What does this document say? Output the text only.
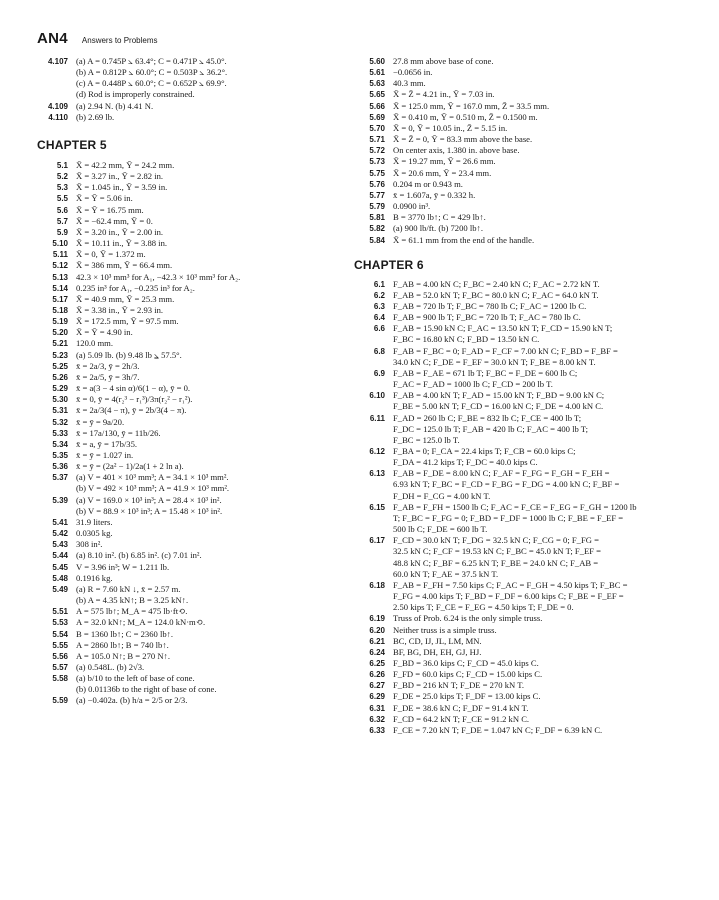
AN4 Answers to Problems
4.107 (a) A = 0.745P ⦣ 63.4°; C = 0.471P ⦣ 45.0°.
(b) A = 0.812P ⦣ 60.0°; C = 0.503P ⦣ 36.2°.
(c) A = 0.448P ⦣ 60.0°; C = 0.652P ⦣ 69.9°.
(d) Rod is improperly constrained.
4.109 (a) 2.94 N. (b) 4.41 N.
4.110 (b) 2.69 lb.
CHAPTER 5
5.1 X̄ = 42.2 mm, Ȳ = 24.2 mm.
5.2 X̄ = 3.27 in., Ȳ = 2.82 in.
5.3 X̄ = 1.045 in., Ȳ = 3.59 in.
5.5 X̄ = Ȳ = 5.06 in.
5.6 X̄ = Ȳ = 16.75 mm.
5.7 X̄ = −62.4 mm, Ȳ = 0.
5.9 X̄ = 3.20 in., Ȳ = 2.00 in.
5.10 X̄ = 10.11 in., Ȳ = 3.88 in.
5.11 X̄ = 0, Ȳ = 1.372 m.
5.12 X̄ = 386 mm, Ȳ = 66.4 mm.
5.13 42.3 × 10³ mm³ for A₁, −42.3 × 10³ mm³ for A₂.
5.14 0.235 in³ for A₁, −0.235 in³ for A₂.
5.17 X̄ = 40.9 mm, Ȳ = 25.3 mm.
5.18 X̄ = 3.38 in., Ȳ = 2.93 in.
5.19 X̄ = 172.5 mm, Ȳ = 97.5 mm.
5.20 X̄ = Ȳ = 4.90 in.
5.21 120.0 mm.
5.23 (a) 5.09 lb. (b) 9.48 lb ⦥ 57.5°.
5.25 x̄ = 2a/3, ȳ = 2h/3.
5.26 x̄ = 2a/5, ȳ = 3h/7.
5.29 x̄ = a(3 − 4 sin α)/6(1 − α), ȳ = 0.
5.30 x̄ = 0, ȳ = 4(r₂³ − r₁³)/3π(r₂² − r₁²).
5.31 x̄ = 2a/3(4 − π), ȳ = 2b/3(4 − π).
5.32 x̄ = ȳ = 9a/20.
5.33 x̄ = 17a/130, ȳ = 11b/26.
5.34 x̄ = a, ȳ = 17b/35.
5.35 x̄ = ȳ = 1.027 in.
5.36 x̄ = ȳ = (2a² − 1)/2a(1 + 2 ln a).
5.37 (a) V = 401 × 10³ mm³; A = 34.1 × 10³ mm².
(b) V = 492 × 10³ mm³; A = 41.9 × 10³ mm².
5.39 (a) V = 169.0 × 10³ in³; A = 28.4 × 10³ in².
(b) V = 88.9 × 10³ in³; A = 15.48 × 10³ in².
5.41 31.9 liters.
5.42 0.0305 kg.
5.43 308 in².
5.44 (a) 8.10 in². (b) 6.85 in². (c) 7.01 in².
5.45 V = 3.96 in³; W = 1.211 lb.
5.48 0.1916 kg.
5.49 (a) R = 7.60 kN ↓, x̄ = 2.57 m.
(b) A = 4.35 kN↑; B = 3.25 kN↑.
5.51 A = 575 lb↑; M_A = 475 lb·ft⟲.
5.53 A = 32.0 kN↑; M_A = 124.0 kN·m⟲.
5.54 B = 1360 lb↑; C = 2360 lb↑.
5.55 A = 2860 lb↑; B = 740 lb↑.
5.56 A = 105.0 N↑; B = 270 N↑.
5.57 (a) 0.548L. (b) 2√3.
5.58 (a) b/10 to the left of base of cone.
(b) 0.01136b to the right of base of cone.
5.59 (a) −0.402a. (b) h/a = 2/5 or 2/3.
5.60 27.8 mm above base of cone.
5.61 −0.0656 in.
5.63 40.3 mm.
5.65 X̄ = Z̄ = 4.21 in., Ȳ = 7.03 in.
5.66 X̄ = 125.0 mm, Ȳ = 167.0 mm, Z̄ = 33.5 mm.
5.69 X̄ = 0.410 m, Ȳ = 0.510 m, Z̄ = 0.1500 m.
5.70 X̄ = 0, Ȳ = 10.05 in., Z̄ = 5.15 in.
5.71 X̄ = Z̄ = 0, Ȳ = 83.3 mm above the base.
5.72 On center axis, 1.380 in. above base.
5.73 X̄ = 19.27 mm, Ȳ = 26.6 mm.
5.75 X̄ = 20.6 mm, Ȳ = 23.4 mm.
5.76 0.204 m or 0.943 m.
5.77 x̄ = 1.607a, ȳ = 0.332 h.
5.79 0.0900 in³.
5.81 B = 3770 lb↑; C = 429 lb↑.
5.82 (a) 900 lb/ft. (b) 7200 lb↑.
5.84 X̄ = 61.1 mm from the end of the handle.
CHAPTER 6
6.1 F_AB = 4.00 kN C; F_BC = 2.40 kN C; F_AC = 2.72 kN T.
6.2 F_AB = 52.0 kN T; F_BC = 80.0 kN C; F_AC = 64.0 kN T.
6.3 F_AB = 720 lb T; F_BC = 780 lb C; F_AC = 1200 lb C.
6.4 F_AB = 900 lb T; F_BC = 720 lb T; F_AC = 780 lb C.
6.6 F_AB = 15.90 kN C; F_AC = 13.50 kN T; F_CD = 15.90 kN T;
F_BC = 16.80 kN C; F_BD = 13.50 kN C.
6.8 F_AB = F_BC = 0; F_AD = F_CF = 7.00 kN C; F_BD = F_BF =
34.0 kN C; F_DE = F_EF = 30.0 kN T; F_BE = 8.00 kN T.
6.9 F_AB = F_AE = 671 lb T; F_BC = F_DE = 600 lb C;
F_AC = F_AD = 1000 lb C; F_CD = 200 lb T.
6.10 F_AB = 4.00 kN T; F_AD = 15.00 kN T; F_BD = 9.00 kN C;
F_BE = 5.00 kN T; F_CD = 16.00 kN C; F_DE = 4.00 kN C.
6.11 F_AD = 260 lb C; F_BE = 832 lb C; F_CE = 400 lb T;
F_DC = 125.0 lb T; F_AB = 420 lb C; F_AC = 400 lb T;
F_BC = 125.0 lb T.
6.12 F_BA = 0; F_CA = 22.4 kips T; F_CB = 60.0 kips C;
F_DA = 41.2 kips T; F_DC = 40.0 kips C.
6.13 F_AB = F_DE = 8.00 kN C; F_AF = F_FG = F_GH = F_EH =
6.93 kN T; F_BC = F_CD = F_BG = F_DG = 4.00 kN C; F_BF =
F_DH = F_CG = 4.00 kN T.
6.15 F_AB = F_FH = 1500 lb C; F_AC = F_CE = F_EG = F_GH = 1200 lb
T; F_BC = F_FG = 0; F_BD = F_DF = 1000 lb C; F_BE = F_EF =
500 lb C; F_DE = 600 lb T.
6.17 F_CD = 30.0 kN T; F_DG = 32.5 kN C; F_CG = 0; F_FG =
32.5 kN C; F_CF = 19.53 kN C; F_BC = 45.0 kN T; F_EF =
48.8 kN C; F_BF = 6.25 kN T; F_BE = 24.0 kN C; F_AB =
60.0 kN T; F_AE = 37.5 kN T.
6.18 F_AB = F_FH = 7.50 kips C; F_AC = F_GH = 4.50 kips T; F_BC =
F_FG = 4.00 kips T; F_BD = F_DF = 6.00 kips C; F_BE = F_EF =
2.50 kips T; F_CE = F_EG = 4.50 kips T; F_DE = 0.
6.19 Truss of Prob. 6.24 is the only simple truss.
6.20 Neither truss is a simple truss.
6.21 BC, CD, IJ, JL, LM, MN.
6.24 BF, BG, DH, EH, GJ, HJ.
6.25 F_BD = 36.0 kips C; F_CD = 45.0 kips C.
6.26 F_FD = 60.0 kips C; F_CD = 15.00 kips C.
6.27 F_BD = 216 kN T; F_DE = 270 kN T.
6.29 F_DE = 25.0 kips T; F_DF = 13.00 kips C.
6.31 F_DE = 38.6 kN C; F_DF = 91.4 kN T.
6.32 F_CD = 64.2 kN T; F_CE = 91.2 kN C.
6.33 F_CE = 7.20 kN T; F_DE = 1.047 kN C; F_DF = 6.39 kN C.
